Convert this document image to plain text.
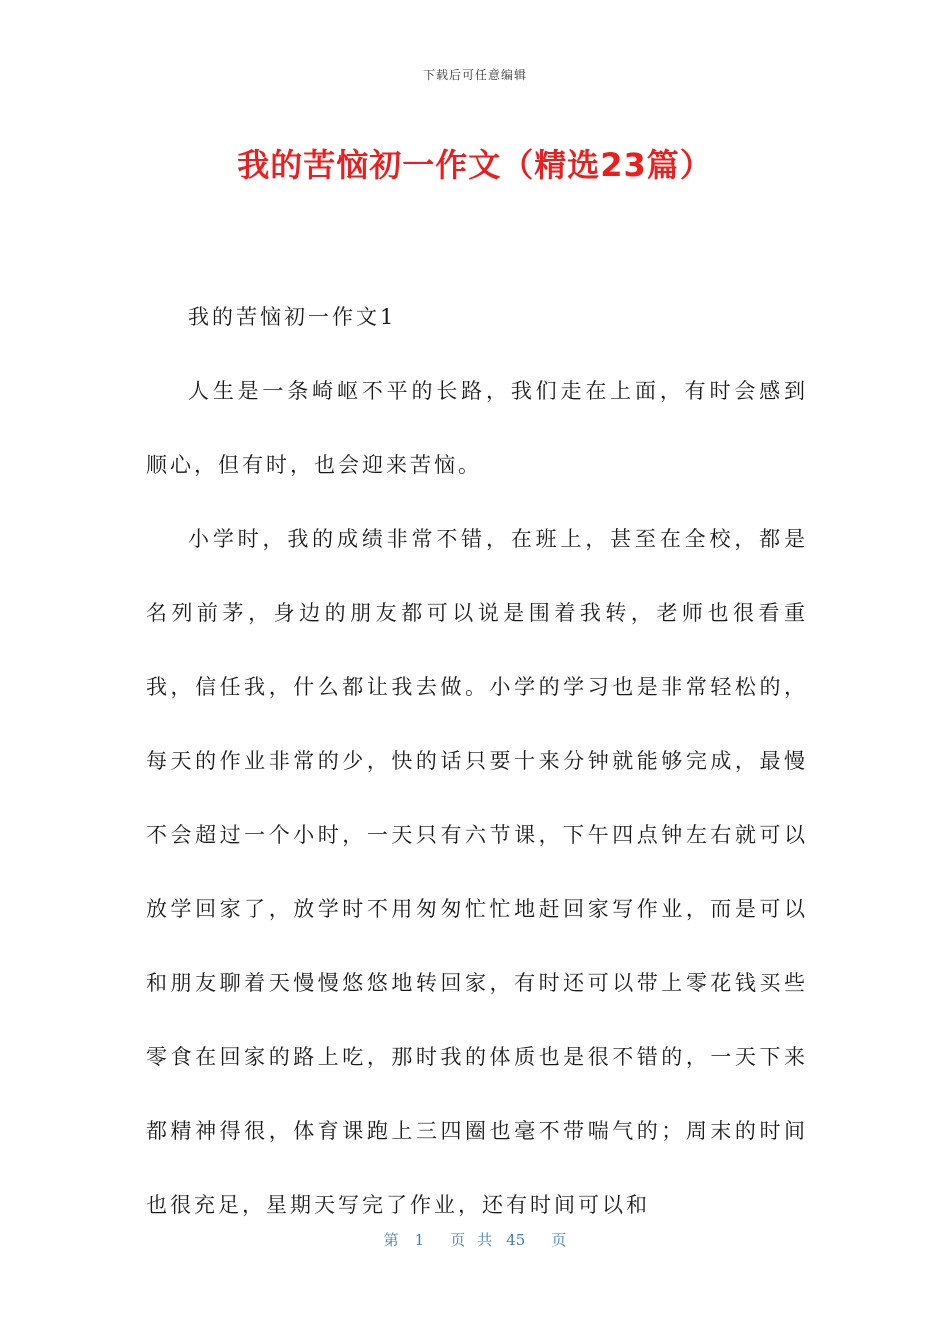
下载后可任意编辑
我的苦恼初一作文（精选23篇）

我的苦恼初一作文1

人生是一条崎岖不平的长路，我们走在上面，有时会感到顺心，但有时，也会迎来苦恼。

小学时，我的成绩非常不错，在班上，甚至在全校，都是名列前茅，身边的朋友都可以说是围着我转，老师也很看重我，信任我，什么都让我去做。小学的学习也是非常轻松的，每天的作业非常的少，快的话只要十来分钟就能够完成，最慢不会超过一个小时，一天只有六节课，下午四点钟左右就可以放学回家了，放学时不用匆匆忙忙地赶回家写作业，而是可以和朋友聊着天慢慢悠悠地转回家，有时还可以带上零花钱买些零食在回家的路上吃，那时我的体质也是很不错的，一天下来都精神得很，体育课跑上三四圈也毫不带喘气的；周末的时间也很充足，星期天写完了作业，还有时间可以和

第 1 页 共 45 页
